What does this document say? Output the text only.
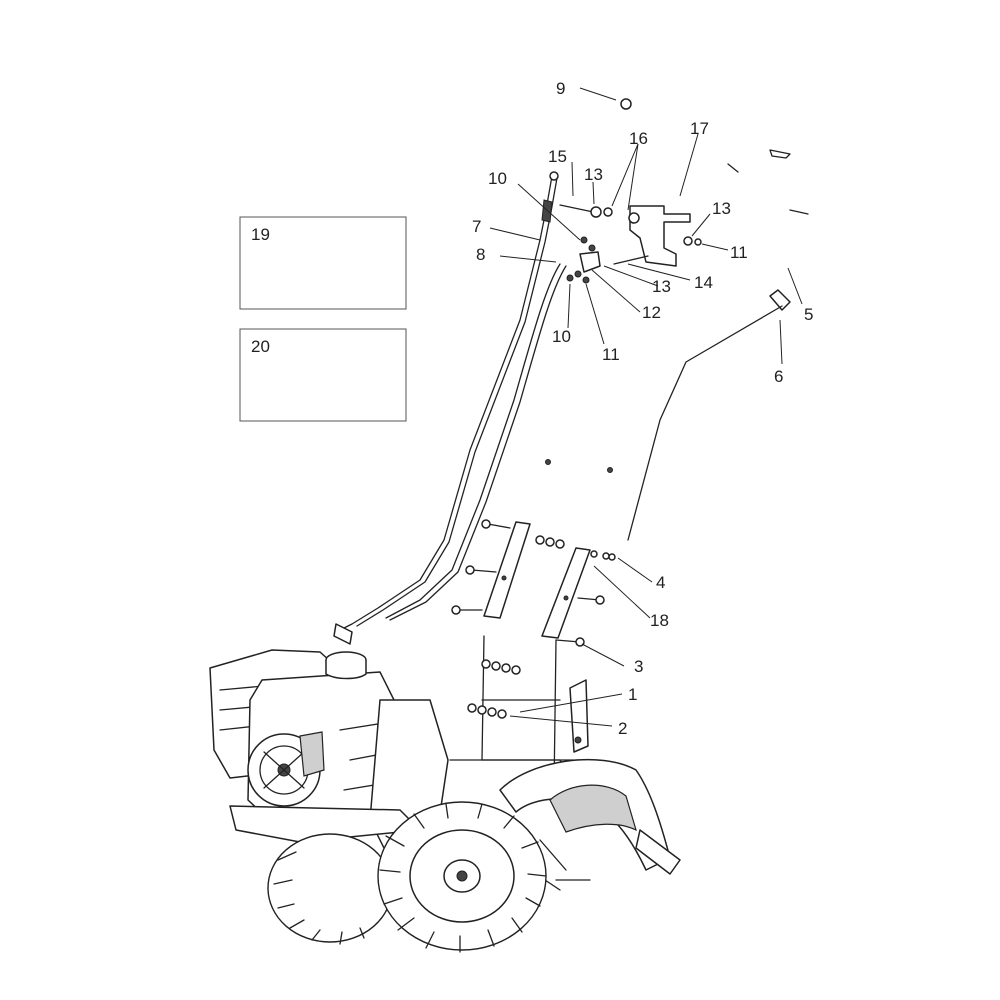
19
20
9
15
13
16
17
13
11
10
7
8
13 14
12
10
11
5
6
4
18
3
1
2
